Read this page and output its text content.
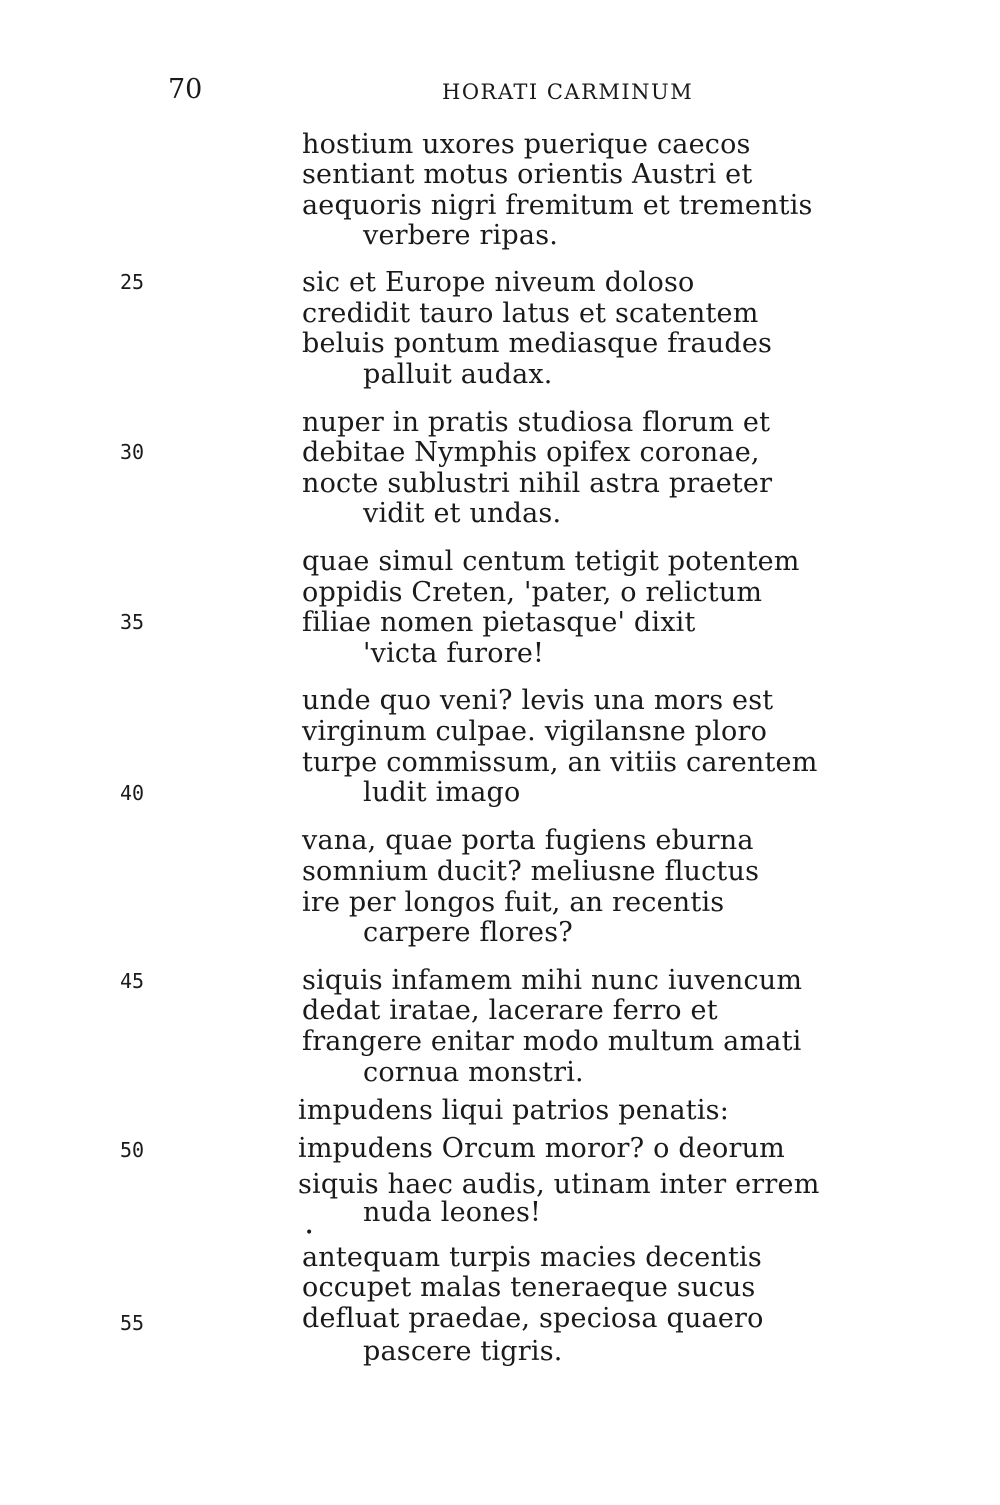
70	HORATI CARMINUM
hostium uxores puerique caecos
sentiant motus orientis Austri et
aequoris nigri fremitum et trementis
verbere ripas.
25	sic et Europe niveum doloso
credidit tauro latus et scatentem
beluis pontum mediasque fraudes
palluit audax.
nuper in pratis studiosa florum et
30	debitae Nymphis opifex coronae,
nocte sublustri nihil astra praeter
vidit et undas.
quae simul centum tetigit potentem
oppidis Creten, 'pater, o relictum
35	filiae nomen pietasque' dixit
'victa furore!
unde quo veni? levis una mors est
virginum culpae. vigilansne ploro
turpe commissum, an vitiis carentem
40	ludit imago
vana, quae porta fugiens eburna
somnium ducit? meliusne fluctus
ire per longos fuit, an recentis
carpere flores?
45	siquis infamem mihi nunc iuvencum
dedat iratae, lacerare ferro et
frangere enitar modo multum amati
cornua monstri.
impudens liqui patrios penatis:
50	impudens Orcum moror? o deorum
siquis haec audis, utinam inter errem
nuda leones!
•
antequam turpis macies decentis
occupet malas teneraeque sucus
55	defluat praedae, speciosa quaero
pascere tigris.
